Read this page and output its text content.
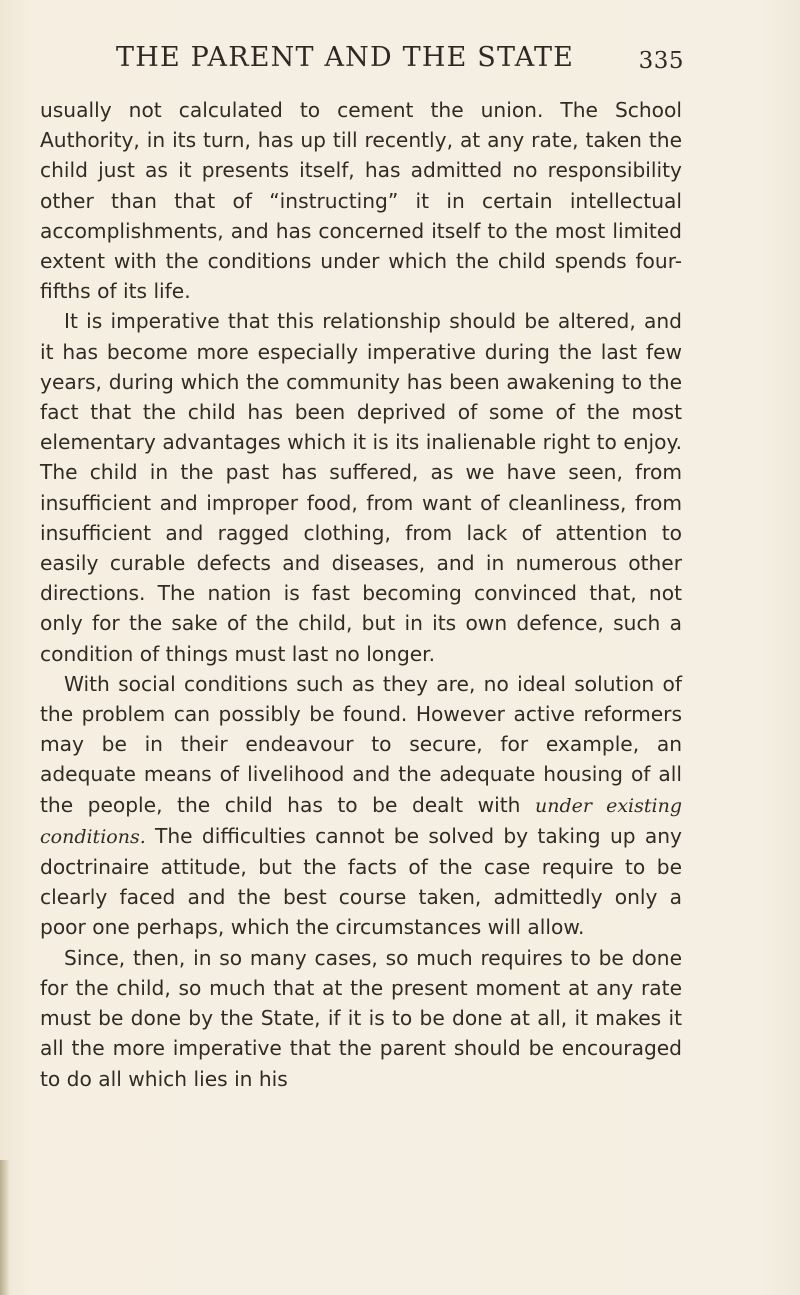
THE PARENT AND THE STATE	335

usually not calculated to cement the union. The School Authority, in its turn, has up till recently, at any rate, taken the child just as it presents itself, has admitted no responsibility other than that of “instructing” it in certain intellectual accomplishments, and has concerned itself to the most limited extent with the conditions under which the child spends four-fifths of its life.

It is imperative that this relationship should be altered, and it has become more especially imperative during the last few years, during which the community has been awakening to the fact that the child has been deprived of some of the most elementary advantages which it is its inalienable right to enjoy. The child in the past has suffered, as we have seen, from insufficient and improper food, from want of cleanliness, from insufficient and ragged clothing, from lack of attention to easily curable defects and diseases, and in numerous other directions. The nation is fast becoming convinced that, not only for the sake of the child, but in its own defence, such a condition of things must last no longer.

With social conditions such as they are, no ideal solution of the problem can possibly be found. However active reformers may be in their endeavour to secure, for example, an adequate means of livelihood and the adequate housing of all the people, the child has to be dealt with under existing conditions. The difficulties cannot be solved by taking up any doctrinaire attitude, but the facts of the case require to be clearly faced and the best course taken, admittedly only a poor one perhaps, which the circumstances will allow.

Since, then, in so many cases, so much requires to be done for the child, so much that at the present moment at any rate must be done by the State, if it is to be done at all, it makes it all the more imperative that the parent should be encouraged to do all which lies in his
